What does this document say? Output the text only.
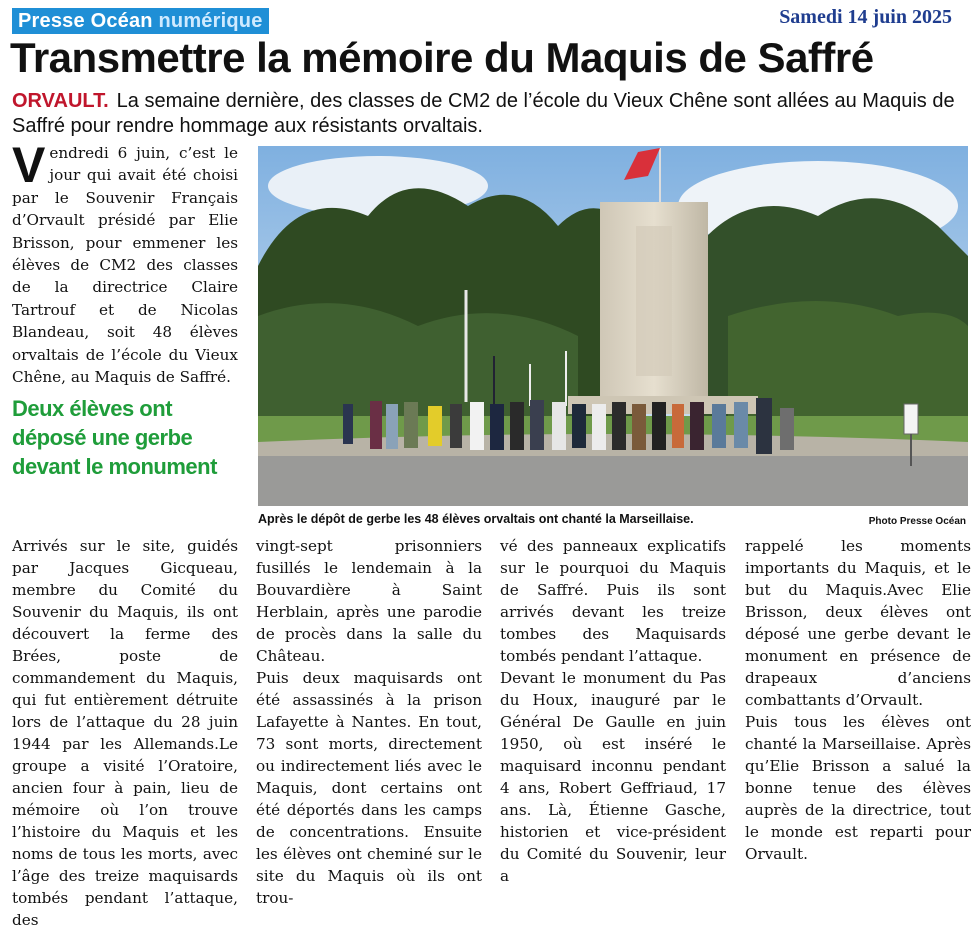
Presse Océan numérique	Samedi 14 juin 2025
Transmettre la mémoire du Maquis de Saffré
ORVAULT. La semaine dernière, des classes de CM2 de l’école du Vieux Chêne sont allées au Maquis de Saffré pour rendre hommage aux résistants orvaltais.
Vendredi 6 juin, c’est le jour qui avait été choisi par le Souvenir Français d’Orvault présidé par Elie Brisson, pour emmener les élèves de CM2 des classes de la directrice Claire Tartrouf et de Nicolas Blandeau, soit 48 élèves orvaltais de l’école du Vieux Chêne, au Maquis de Saffré.
Deux élèves ont déposé une gerbe devant le monument
Après le dépôt de gerbe les 48 élèves orvaltais ont chanté la Marseillaise.	Photo Presse Océan

Arrivés sur le site, guidés par Jacques Gicqueau, membre du Comité du Souvenir du Maquis, ils ont découvert la ferme des Brées, poste de commandement du Maquis, qui fut entièrement détruite lors de l’attaque du 28 juin 1944 par les Allemands.Le groupe a visité l’Oratoire, ancien four à pain, lieu de mémoire où l’on trouve l’histoire du Maquis et les noms de tous les morts, avec l’âge des treize maquisards tombés pendant l’attaque, des

vingt-sept prisonniers fusillés le lendemain à la Bouvardière à Saint Herblain, après une parodie de procès dans la salle du Château.

Puis deux maquisards ont été assassinés à la prison Lafayette à Nantes. En tout, 73 sont morts, directement ou indirectement liés avec le Maquis, dont certains ont été déportés dans les camps de concentrations. Ensuite les élèves ont cheminé sur le site du Maquis où ils ont trou-

vé des panneaux explicatifs sur le pourquoi du Maquis de Saffré. Puis ils sont arrivés devant les treize tombes des Maquisards tombés pendant l’attaque.

Devant le monument du Pas du Houx, inauguré par le Général De Gaulle en juin 1950, où est inséré le maquisard inconnu pendant 4 ans, Robert Geffriaud, 17 ans. Là, Étienne Gasche, historien et vice-président du Comité du Souvenir, leur a

rappelé les moments importants du Maquis, et le but du Maquis.Avec Elie Brisson, deux élèves ont déposé une gerbe devant le monument en présence de drapeaux d’anciens combattants d’Orvault.

Puis tous les élèves ont chanté la Marseillaise. Après qu’Elie Brisson a salué la bonne tenue des élèves auprès de la directrice, tout le monde est reparti pour Orvault.
